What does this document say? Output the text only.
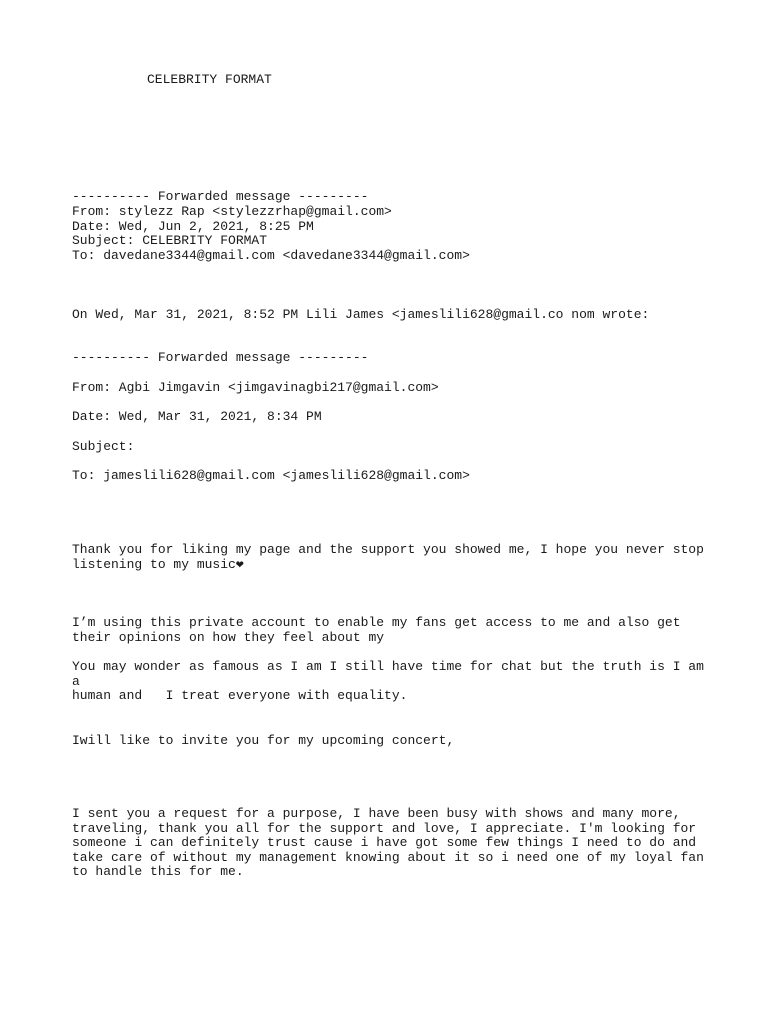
CELEBRITY FORMAT

---------- Forwarded message ---------

From: stylezz Rap <stylezzrhap@gmail.com>

Date: Wed, Jun 2, 2021, 8:25 PM

Subject: CELEBRITY FORMAT

To: davedane3344@gmail.com <davedane3344@gmail.com>

On Wed, Mar 31, 2021, 8:52 PM Lili James <jameslili628@gmail.co nom wrote:

---------- Forwarded message ---------

From: Agbi Jimgavin <jimgavinagbi217@gmail.com>

Date: Wed, Mar 31, 2021, 8:34 PM

Subject:

To: jameslili628@gmail.com <jameslili628@gmail.com>

Thank you for liking my page and the support you showed me, I hope you never stop
listening to my music❤

I’m using this private account to enable my fans get access to me and also get
their opinions on how they feel about my

You may wonder as famous as I am I still have time for chat but the truth is I am a
human and   I treat everyone with equality.

Iwill like to invite you for my upcoming concert,

I sent you a request for a purpose, I have been busy with shows and many more,
traveling, thank you all for the support and love, I appreciate. I'm looking for
someone i can definitely trust cause i have got some few things I need to do and
take care of without my management knowing about it so i need one of my loyal fan
to handle this for me.
